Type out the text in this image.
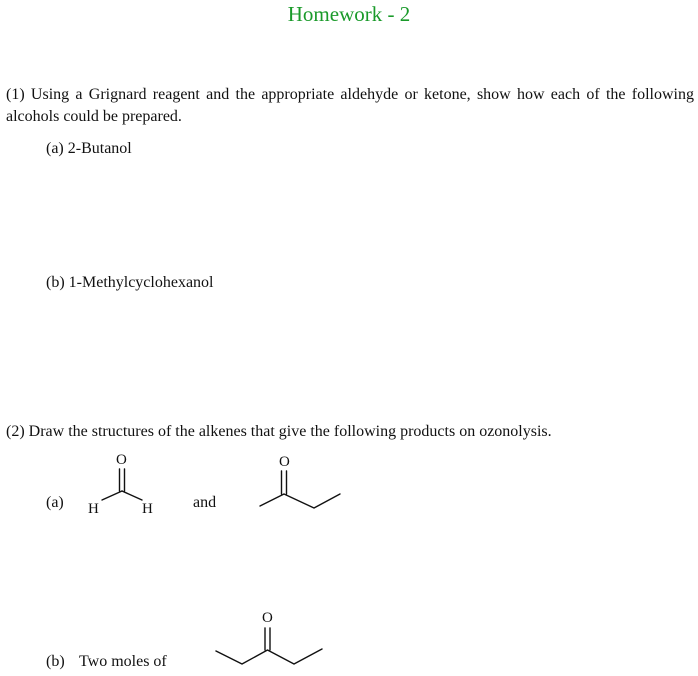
Homework - 2
(1) Using a Grignard reagent and the appropriate aldehyde or ketone, show how each of the following alcohols could be prepared.
(a) 2-Butanol
(b) 1-Methylcyclohexanol
(2) Draw the structures of the alkenes that give the following products on ozonolysis.
(a)
O
H	H	and
O
(b) Two moles of
O
